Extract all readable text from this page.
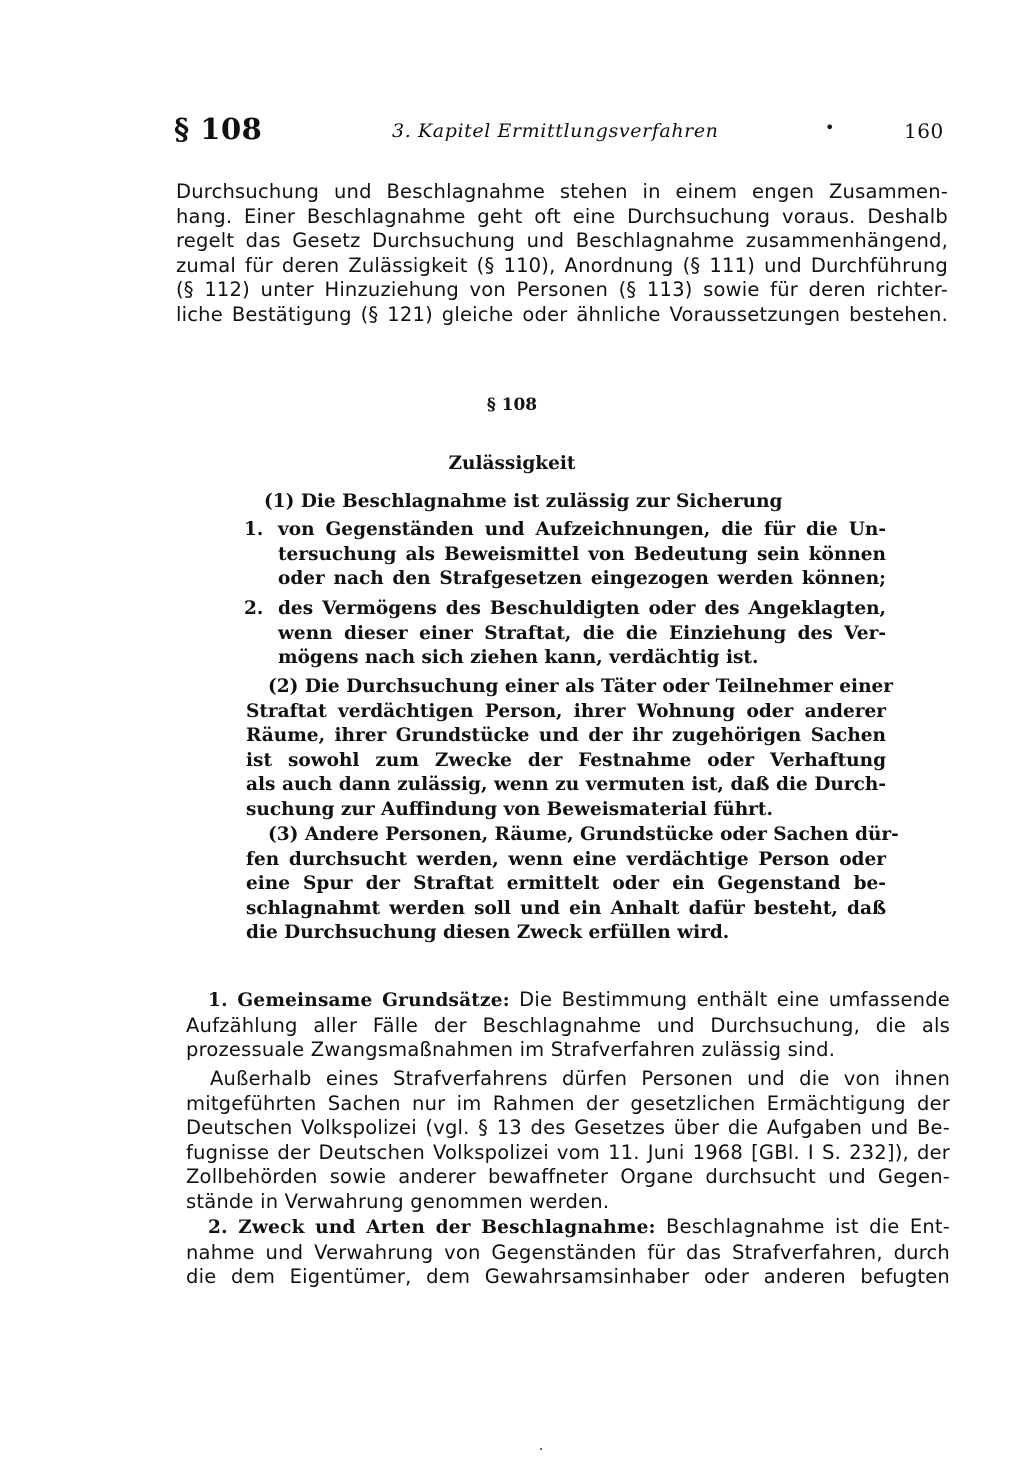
§ 108	3. Kapitel Ermittlungsverfahren	•	160
Durchsuchung und Beschlagnahme stehen in einem engen Zusammen-
hang. Einer Beschlagnahme geht oft eine Durchsuchung voraus. Deshalb
regelt das Gesetz Durchsuchung und Beschlagnahme zusammenhängend,
zumal für deren Zulässigkeit (§ 110), Anordnung (§ 111) und Durchführung
(§ 112) unter Hinzuziehung von Personen (§ 113) sowie für deren richter-
liche Bestätigung (§ 121) gleiche oder ähnliche Voraussetzungen bestehen.
§ 108
Zulässigkeit
(1) Die Beschlagnahme ist zulässig zur Sicherung
1. von Gegenständen und Aufzeichnungen, die für die Un-
tersuchung als Beweismittel von Bedeutung sein können
oder nach den Strafgesetzen eingezogen werden können;
2. des Vermögens des Beschuldigten oder des Angeklagten,
wenn dieser einer Straftat, die die Einziehung des Ver-
mögens nach sich ziehen kann, verdächtig ist.
(2) Die Durchsuchung einer als Täter oder Teilnehmer einer
Straftat verdächtigen Person, ihrer Wohnung oder anderer
Räume, ihrer Grundstücke und der ihr zugehörigen Sachen
ist sowohl zum Zwecke der Festnahme oder Verhaftung
als auch dann zulässig, wenn zu vermuten ist, daß die Durch-
suchung zur Auffindung von Beweismaterial führt.
(3) Andere Personen, Räume, Grundstücke oder Sachen dür-
fen durchsucht werden, wenn eine verdächtige Person oder
eine Spur der Straftat ermittelt oder ein Gegenstand be-
schlagnahmt werden soll und ein Anhalt dafür besteht, daß
die Durchsuchung diesen Zweck erfüllen wird.
1. Gemeinsame Grundsätze: Die Bestimmung enthält eine umfassende
Aufzählung aller Fälle der Beschlagnahme und Durchsuchung, die als
prozessuale Zwangsmaßnahmen im Strafverfahren zulässig sind.
Außerhalb eines Strafverfahrens dürfen Personen und die von ihnen
mitgeführten Sachen nur im Rahmen der gesetzlichen Ermächtigung der
Deutschen Volkspolizei (vgl. § 13 des Gesetzes über die Aufgaben und Be-
fugnisse der Deutschen Volkspolizei vom 11. Juni 1968 [GBl. I S. 232]), der
Zollbehörden sowie anderer bewaffneter Organe durchsucht und Gegen-
stände in Verwahrung genommen werden.
2. Zweck und Arten der Beschlagnahme: Beschlagnahme ist die Ent-
nahme und Verwahrung von Gegenständen für das Strafverfahren, durch
die dem Eigentümer, dem Gewahrsamsinhaber oder anderen befugten
